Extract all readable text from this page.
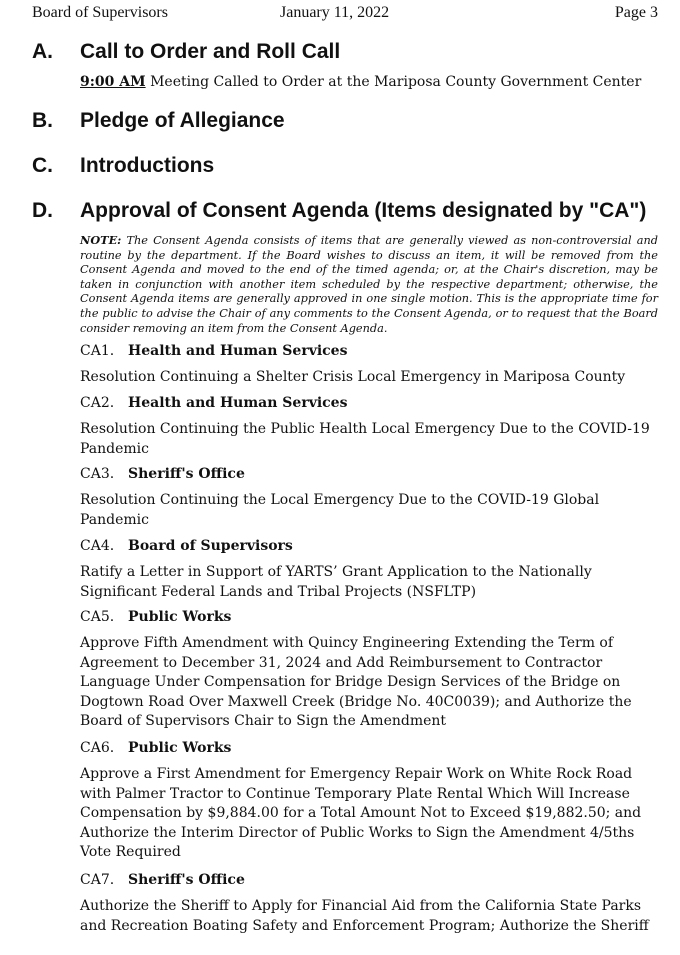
Board of Supervisors	January 11, 2022	Page 3
A. Call to Order and Roll Call
9:00 AM Meeting Called to Order at the Mariposa County Government Center
B. Pledge of Allegiance
C. Introductions
D. Approval of Consent Agenda (Items designated by "CA")
NOTE: The Consent Agenda consists of items that are generally viewed as non-controversial and routine by the department. If the Board wishes to discuss an item, it will be removed from the Consent Agenda and moved to the end of the timed agenda; or, at the Chair's discretion, may be taken in conjunction with another item scheduled by the respective department; otherwise, the Consent Agenda items are generally approved in one single motion. This is the appropriate time for the public to advise the Chair of any comments to the Consent Agenda, or to request that the Board consider removing an item from the Consent Agenda.
CA1. Health and Human Services
Resolution Continuing a Shelter Crisis Local Emergency in Mariposa County
CA2. Health and Human Services
Resolution Continuing the Public Health Local Emergency Due to the COVID-19 Pandemic
CA3. Sheriff's Office
Resolution Continuing the Local Emergency Due to the COVID-19 Global Pandemic
CA4. Board of Supervisors
Ratify a Letter in Support of YARTS’ Grant Application to the Nationally Significant Federal Lands and Tribal Projects (NSFLTP)
CA5. Public Works
Approve Fifth Amendment with Quincy Engineering Extending the Term of Agreement to December 31, 2024 and Add Reimbursement to Contractor Language Under Compensation for Bridge Design Services of the Bridge on Dogtown Road Over Maxwell Creek (Bridge No. 40C0039); and Authorize the Board of Supervisors Chair to Sign the Amendment
CA6. Public Works
Approve a First Amendment for Emergency Repair Work on White Rock Road with Palmer Tractor to Continue Temporary Plate Rental Which Will Increase Compensation by $9,884.00 for a Total Amount Not to Exceed $19,882.50; and Authorize the Interim Director of Public Works to Sign the Amendment 4/5ths Vote Required
CA7. Sheriff's Office
Authorize the Sheriff to Apply for Financial Aid from the California State Parks and Recreation Boating Safety and Enforcement Program; Authorize the Sheriff
